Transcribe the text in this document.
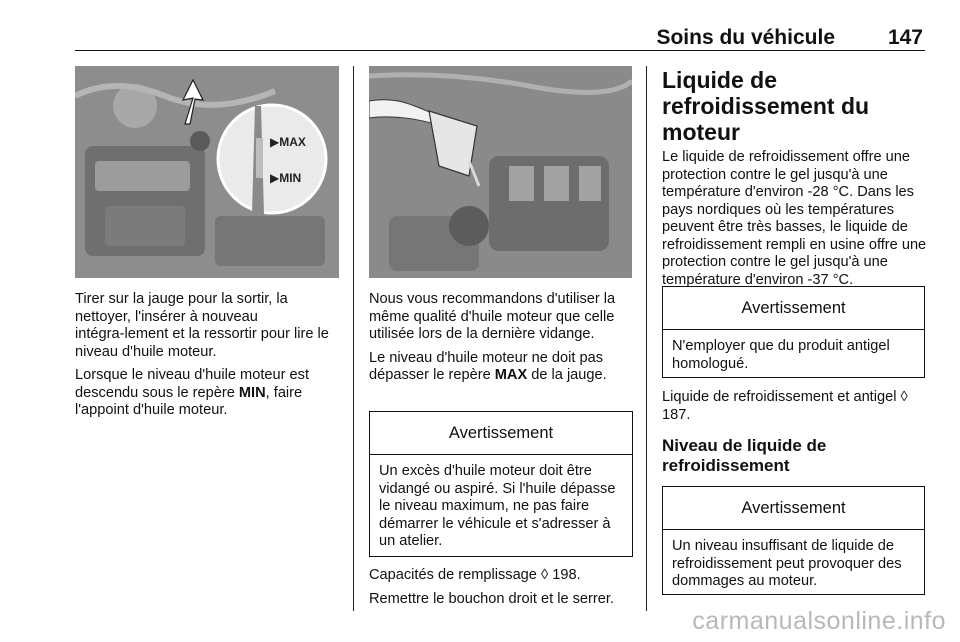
Soins du véhicule	147
▶MAX
▶MIN

Tirer sur la jauge pour la sortir, la nettoyer, l'insérer à nouveau intégra‑lement et la ressortir pour lire le niveau d'huile moteur.

Lorsque le niveau d'huile moteur est descendu sous le repère MIN, faire l'appoint d'huile moteur.

Nous vous recommandons d'utiliser la même qualité d'huile moteur que celle utilisée lors de la dernière vidange.

Le niveau d'huile moteur ne doit pas dépasser le repère MAX de la jauge.

Avertissement
Un excès d'huile moteur doit être vidangé ou aspiré. Si l'huile dépasse le niveau maximum, ne pas faire démarrer le véhicule et s'adresser à un atelier.

Capacités de remplissage ◊ 198.

Remettre le bouchon droit et le serrer.

Liquide de refroidissement du moteur

Le liquide de refroidissement offre une protection contre le gel jusqu'à une température d'environ -28 °C. Dans les pays nordiques où les températures peuvent être très basses, le liquide de refroidissement rempli en usine offre une protection contre le gel jusqu'à une température d'environ -37 °C.

Avertissement
N'employer que du produit antigel homologué.

Liquide de refroidissement et antigel ◊ 187.

Niveau de liquide de refroidissement
Avertissement
Un niveau insuffisant de liquide de refroidissement peut provoquer des dommages au moteur.
carmanualsonline.info
